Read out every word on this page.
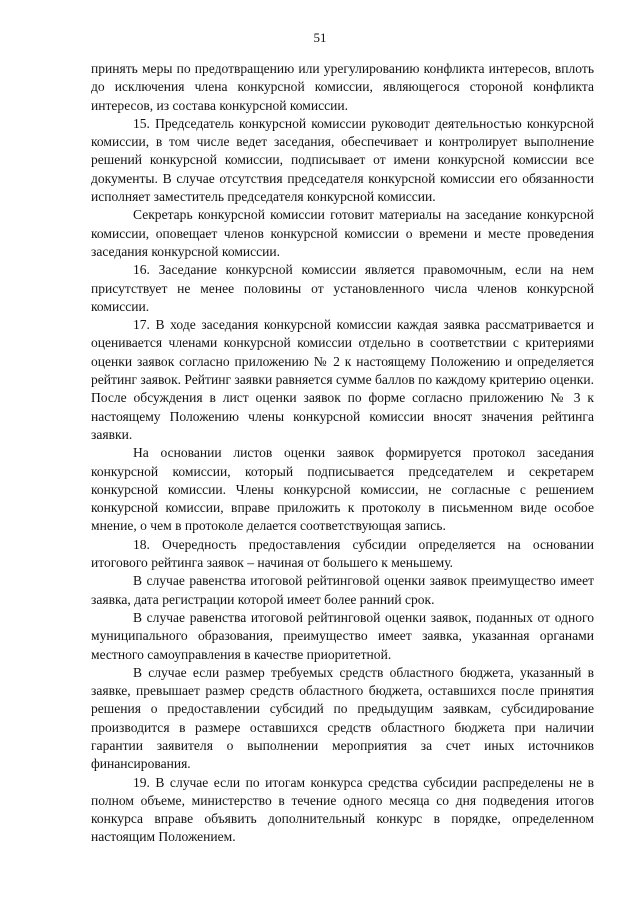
51

принять меры по предотвращению или урегулированию конфликта интересов, вплоть до исключения члена конкурсной комиссии, являющегося стороной конфликта интересов, из состава конкурсной комиссии.

15. Председатель конкурсной комиссии руководит деятельностью конкурсной комиссии, в том числе ведет заседания, обеспечивает и контролирует выполнение решений конкурсной комиссии, подписывает от имени конкурсной комиссии все документы. В случае отсутствия председателя конкурсной комиссии его обязанности исполняет заместитель председателя конкурсной комиссии.

Секретарь конкурсной комиссии готовит материалы на заседание конкурсной комиссии, оповещает членов конкурсной комиссии о времени и месте проведения заседания конкурсной комиссии.

16. Заседание конкурсной комиссии является правомочным, если на нем присутствует не менее половины от установленного числа членов конкурсной комиссии.

17. В ходе заседания конкурсной комиссии каждая заявка рассматривается и оценивается членами конкурсной комиссии отдельно в соответствии с критериями оценки заявок согласно приложению № 2 к настоящему Положению и определяется рейтинг заявок. Рейтинг заявки равняется сумме баллов по каждому критерию оценки. После обсуждения в лист оценки заявок по форме согласно приложению № 3 к настоящему Положению члены конкурсной комиссии вносят значения рейтинга заявки.

На основании листов оценки заявок формируется протокол заседания конкурсной комиссии, который подписывается председателем и секретарем конкурсной комиссии. Члены конкурсной комиссии, не согласные с решением конкурсной комиссии, вправе приложить к протоколу в письменном виде особое мнение, о чем в протоколе делается соответствующая запись.

18. Очередность предоставления субсидии определяется на основании итогового рейтинга заявок – начиная от большего к меньшему.

В случае равенства итоговой рейтинговой оценки заявок преимущество имеет заявка, дата регистрации которой имеет более ранний срок.

В случае равенства итоговой рейтинговой оценки заявок, поданных от одного муниципального образования, преимущество имеет заявка, указанная органами местного самоуправления в качестве приоритетной.

В случае если размер требуемых средств областного бюджета, указанный в заявке, превышает размер средств областного бюджета, оставшихся после принятия решения о предоставлении субсидий по предыдущим заявкам, субсидирование производится в размере оставшихся средств областного бюджета при наличии гарантии заявителя о выполнении мероприятия за счет иных источников финансирования.

19. В случае если по итогам конкурса средства субсидии распределены не в полном объеме, министерство в течение одного месяца со дня подведения итогов конкурса вправе объявить дополнительный конкурс в порядке, определенном настоящим Положением.
